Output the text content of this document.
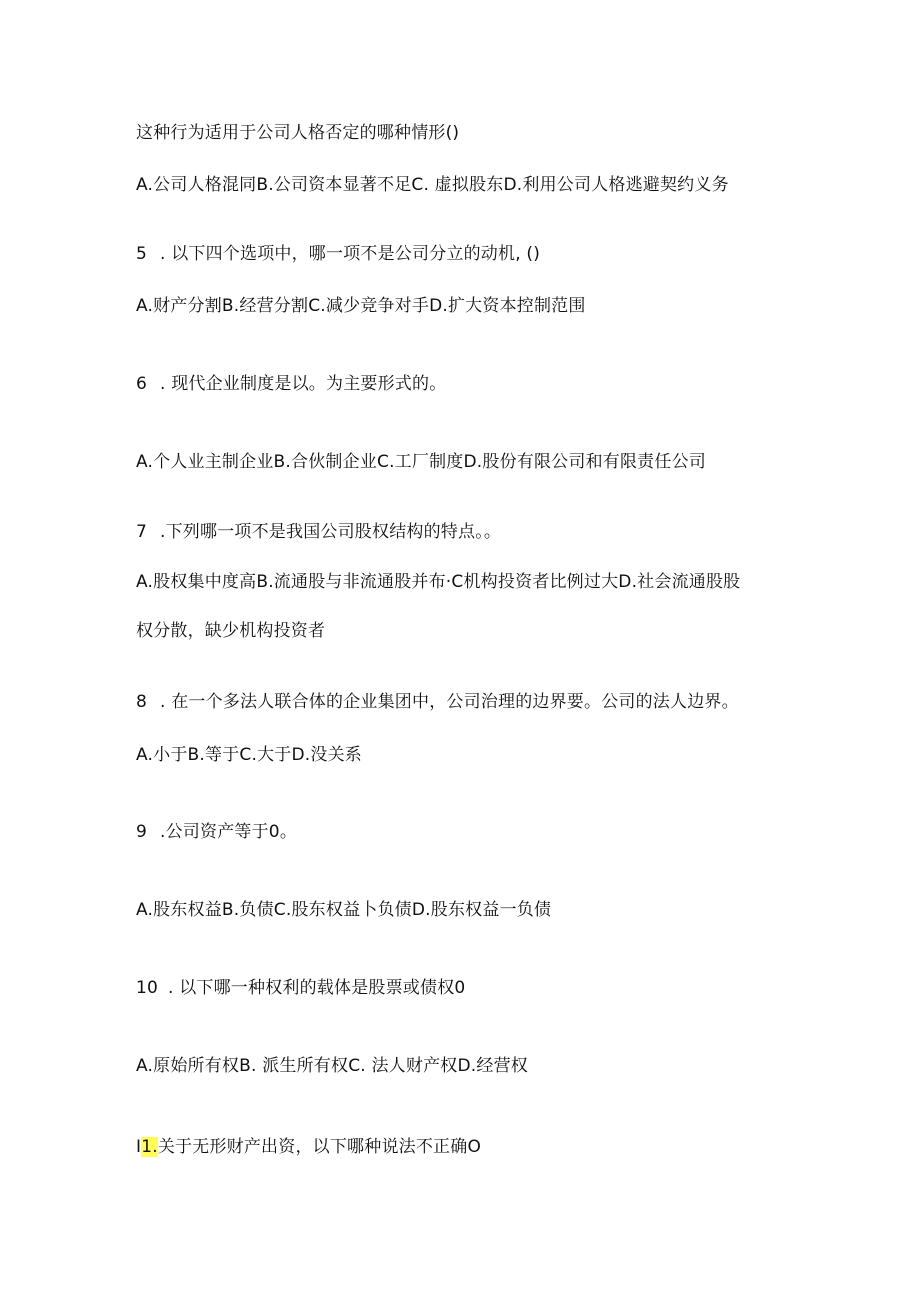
这种行为适用于公司人格否定的哪种情形()
A.公司人格混同B.公司资本显著不足C. 虚拟股东D.利用公司人格逃避契约义务
5 . 以下四个选项中，哪一项不是公司分立的动机, ()
A.财产分割B.经营分割C.减少竞争对手D.扩大资本控制范围
6 . 现代企业制度是以。为主要形式的。
A.个人业主制企业B.合伙制企业C.工厂制度D.股份有限公司和有限责任公司
7 .下列哪一项不是我国公司股权结构的特点。。
A.股权集中度高B.流通股与非流通股并布·C机构投资者比例过大D.社会流通股股
权分散，缺少机构投资者
8 . 在一个多法人联合体的企业集团中，公司治理的边界要。公司的法人边界。
A.小于B.等于C.大于D.没关系
9 .公司资产等于0。
A.股东权益B.负债C.股东权益卜负债D.股东权益一负债
10 . 以下哪一种权利的载体是股票或债权0
A.原始所有权B. 派生所有权C. 法人财产权D.经营权
I1.关于无形财产出资，以下哪种说法不正确O
